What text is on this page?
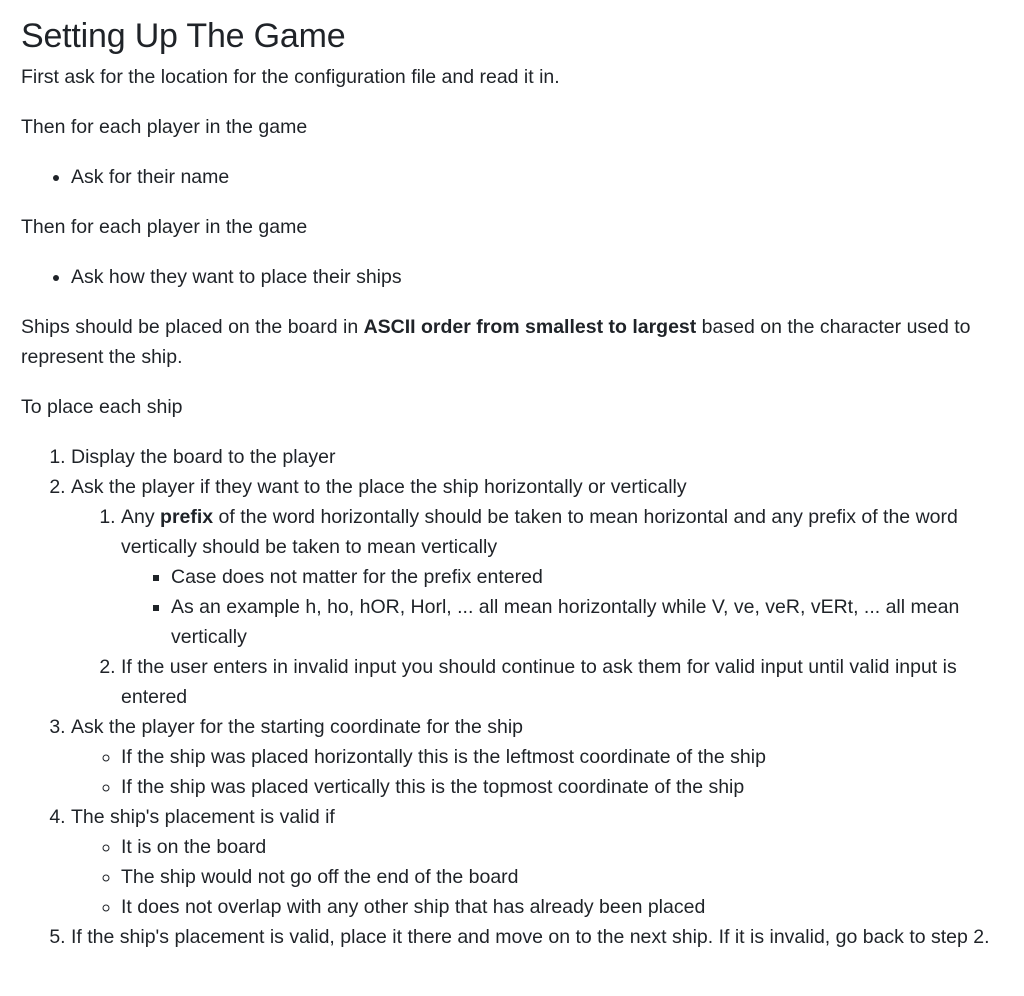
Setting Up The Game

First ask for the location for the configuration file and read it in.

Then for each player in the game

• Ask for their name

Then for each player in the game

• Ask how they want to place their ships

Ships should be placed on the board in ASCII order from smallest to largest based on the character used to represent the ship.

To place each ship

1. Display the board to the player
2. Ask the player if they want to the place the ship horizontally or vertically
1. Any prefix of the word horizontally should be taken to mean horizontal and any prefix of the word vertically should be taken to mean vertically
▪ Case does not matter for the prefix entered
▪ As an example h, ho, hOR, Horl, ... all mean horizontally while V, ve, veR, vERt, ... all mean vertically
2. If the user enters in invalid input you should continue to ask them for valid input until valid input is entered
3. Ask the player for the starting coordinate for the ship
◦ If the ship was placed horizontally this is the leftmost coordinate of the ship
◦ If the ship was placed vertically this is the topmost coordinate of the ship
4. The ship's placement is valid if
◦ It is on the board
◦ The ship would not go off the end of the board
◦ It does not overlap with any other ship that has already been placed
5. If the ship's placement is valid, place it there and move on to the next ship. If it is invalid, go back to step 2.
